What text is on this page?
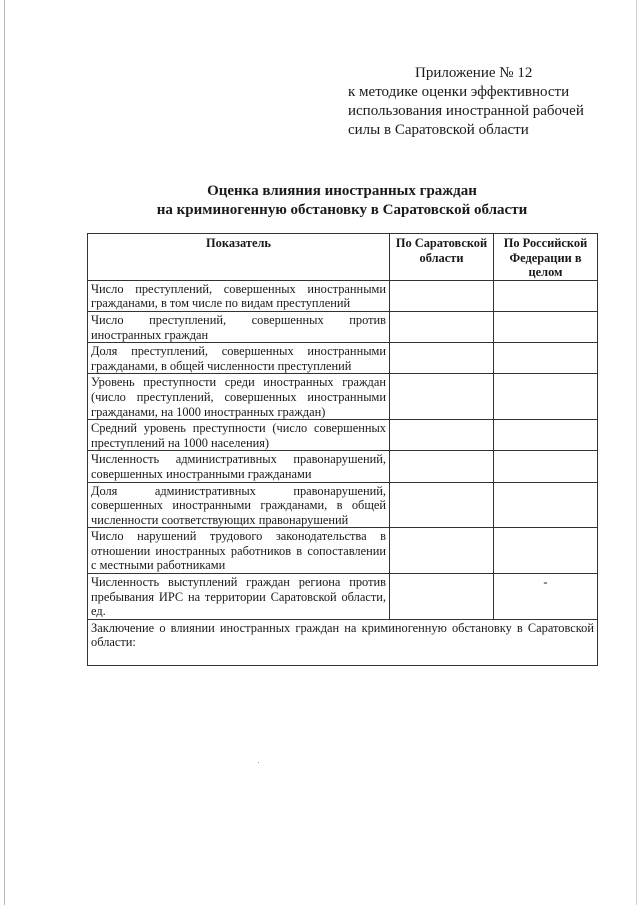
Приложение № 12
к методике оценки эффективности
использования иностранной рабочей
силы в Саратовской области
Оценка влияния иностранных граждан
на криминогенную обстановку в Саратовской области
Показатель	По Саратовской области	По Российской Федерации в целом
Число преступлений, совершенных иностранными гражданами, в том числе по видам преступлений		
Число преступлений, совершенных против иностранных граждан		
Доля преступлений, совершенных иностранными гражданами, в общей численности преступлений		
Уровень преступности среди иностранных граждан (число преступлений, совершенных иностранными гражданами, на 1000 иностранных граждан)		
Средний уровень преступности (число совершенных преступлений на 1000 населения)		
Численность административных правонарушений, совершенных иностранными гражданами		
Доля административных правонарушений, совершенных иностранными гражданами, в общей численности соответствующих правонарушений		
Число нарушений трудового законодательства в отношении иностранных работников в сопоставлении с местными работниками		
Численность выступлений граждан региона против пребывания ИРС на территории Саратовской области, ед.		-
Заключение о влиянии иностранных граждан на криминогенную обстановку в Саратовской области:		
